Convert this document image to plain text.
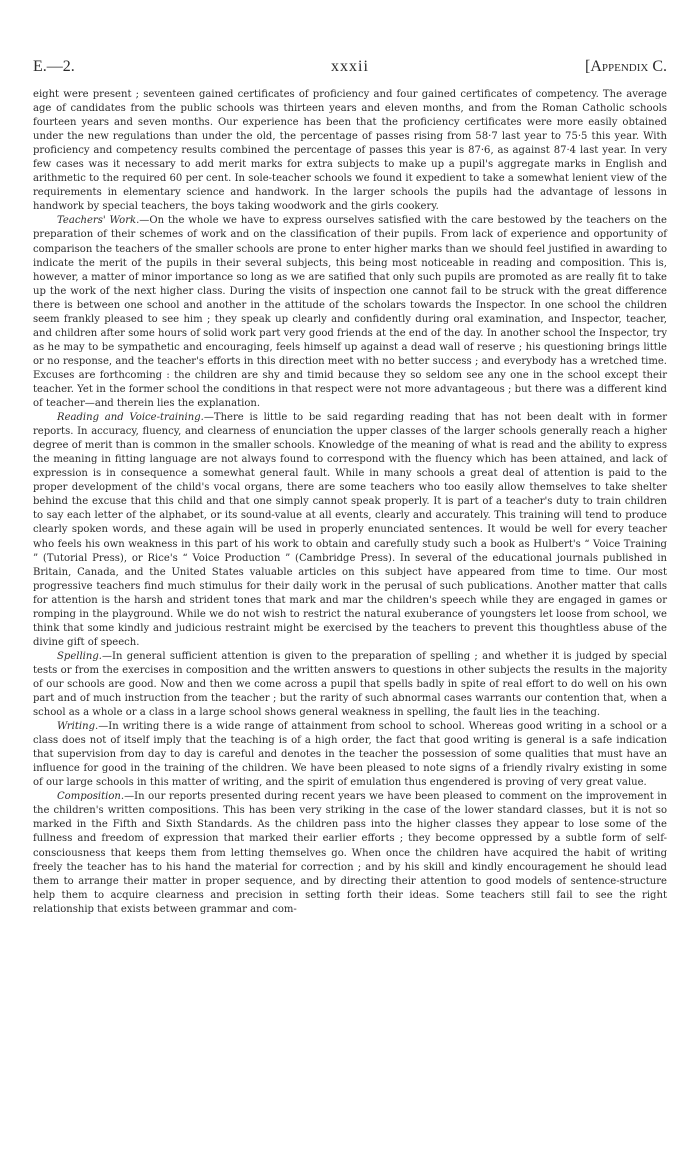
E.—2.	xxxii	[Appendix C.

eight were present ; seventeen gained certificates of proficiency and four gained certificates of competency. The average age of candidates from the public schools was thirteen years and eleven months, and from the Roman Catholic schools fourteen years and seven months. Our experience has been that the proficiency certificates were more easily obtained under the new regulations than under the old, the percentage of passes rising from 58·7 last year to 75·5 this year. With proficiency and competency results combined the percentage of passes this year is 87·6, as against 87·4 last year. In very few cases was it necessary to add merit marks for extra subjects to make up a pupil's aggregate marks in English and arithmetic to the required 60 per cent. In sole-teacher schools we found it expedient to take a somewhat lenient view of the requirements in elementary science and handwork. In the larger schools the pupils had the advantage of lessons in handwork by special teachers, the boys taking woodwork and the girls cookery.

Teachers' Work.—On the whole we have to express ourselves satisfied with the care bestowed by the teachers on the preparation of their schemes of work and on the classification of their pupils. From lack of experience and opportunity of comparison the teachers of the smaller schools are prone to enter higher marks than we should feel justified in awarding to indicate the merit of the pupils in their several subjects, this being most noticeable in reading and composition. This is, however, a matter of minor importance so long as we are satified that only such pupils are promoted as are really fit to take up the work of the next higher class. During the visits of inspection one cannot fail to be struck with the great difference there is between one school and another in the attitude of the scholars towards the Inspector. In one school the children seem frankly pleased to see him ; they speak up clearly and confidently during oral examination, and Inspector, teacher, and children after some hours of solid work part very good friends at the end of the day. In another school the Inspector, try as he may to be sympathetic and encouraging, feels himself up against a dead wall of reserve ; his questioning brings little or no response, and the teacher's efforts in this direction meet with no better success ; and everybody has a wretched time. Excuses are forthcoming : the children are shy and timid because they so seldom see any one in the school except their teacher. Yet in the former school the conditions in that respect were not more advantageous ; but there was a different kind of teacher—and therein lies the explanation.

Reading and Voice-training.—There is little to be said regarding reading that has not been dealt with in former reports. In accuracy, fluency, and clearness of enunciation the upper classes of the larger schools generally reach a higher degree of merit than is common in the smaller schools. Knowledge of the meaning of what is read and the ability to express the meaning in fitting language are not always found to correspond with the fluency which has been attained, and lack of expression is in consequence a somewhat general fault. While in many schools a great deal of attention is paid to the proper development of the child's vocal organs, there are some teachers who too easily allow themselves to take shelter behind the excuse that this child and that one simply cannot speak properly. It is part of a teacher's duty to train children to say each letter of the alphabet, or its sound-value at all events, clearly and accurately. This training will tend to produce clearly spoken words, and these again will be used in properly enunciated sentences. It would be well for every teacher who feels his own weakness in this part of his work to obtain and carefully study such a book as Hulbert's “ Voice Training ” (Tutorial Press), or Rice's “ Voice Production ” (Cambridge Press). In several of the educational journals published in Britain, Canada, and the United States valuable articles on this subject have appeared from time to time. Our most progressive teachers find much stimulus for their daily work in the perusal of such publications. Another matter that calls for attention is the harsh and strident tones that mark and mar the children's speech while they are engaged in games or romping in the playground. While we do not wish to restrict the natural exuberance of youngsters let loose from school, we think that some kindly and judicious restraint might be exercised by the teachers to prevent this thoughtless abuse of the divine gift of speech.

Spelling.—In general sufficient attention is given to the preparation of spelling ; and whether it is judged by special tests or from the exercises in composition and the written answers to questions in other subjects the results in the majority of our schools are good. Now and then we come across a pupil that spells badly in spite of real effort to do well on his own part and of much instruction from the teacher ; but the rarity of such abnormal cases warrants our contention that, when a school as a whole or a class in a large school shows general weakness in spelling, the fault lies in the teaching.

Writing.—In writing there is a wide range of attainment from school to school. Whereas good writing in a school or a class does not of itself imply that the teaching is of a high order, the fact that good writing is general is a safe indication that supervision from day to day is careful and denotes in the teacher the possession of some qualities that must have an influence for good in the training of the children. We have been pleased to note signs of a friendly rivalry existing in some of our large schools in this matter of writing, and the spirit of emulation thus engendered is proving of very great value.

Composition.—In our reports presented during recent years we have been pleased to comment on the improvement in the children's written compositions. This has been very striking in the case of the lower standard classes, but it is not so marked in the Fifth and Sixth Standards. As the children pass into the higher classes they appear to lose some of the fullness and freedom of expression that marked their earlier efforts ; they become oppressed by a subtle form of self-consciousness that keeps them from letting themselves go. When once the children have acquired the habit of writing freely the teacher has to his hand the material for correction ; and by his skill and kindly encouragement he should lead them to arrange their matter in proper sequence, and by directing their attention to good models of sentence-structure help them to acquire clearness and precision in setting forth their ideas. Some teachers still fail to see the right relationship that exists between grammar and com-
